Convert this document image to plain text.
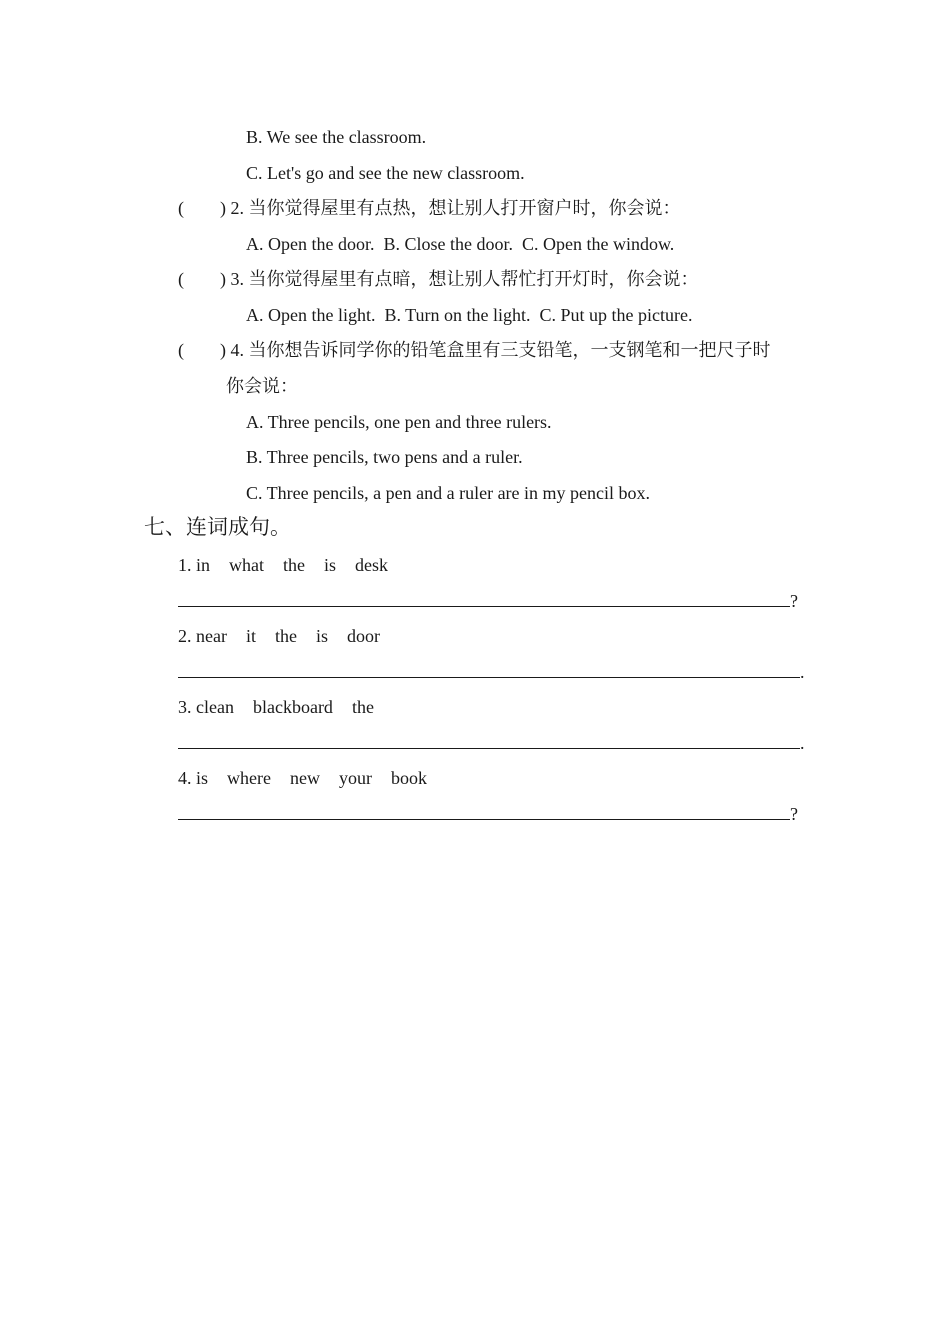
B. We see the classroom.
C. Let's go and see the new classroom.
(        ) 2. 当你觉得屋里有点热，想让别人打开窗户时，你会说：
A. Open the door.  B. Close the door.  C. Open the window.
(        ) 3. 当你觉得屋里有点暗，想让别人帮忙打开灯时，你会说：
A. Open the light.  B. Turn on the light.  C. Put up the picture.
(        ) 4. 当你想告诉同学你的铅笔盒里有三支铅笔，一支钢笔和一把尺子时
你会说：
A. Three pencils, one pen and three rulers.
B. Three pencils, two pens and a ruler.
C. Three pencils, a pen and a ruler are in my pencil box.
七、连词成句。
1. in what the is desk
?
2. near it the is door
.
3. clean blackboard the
.
4. is where new your book
?
